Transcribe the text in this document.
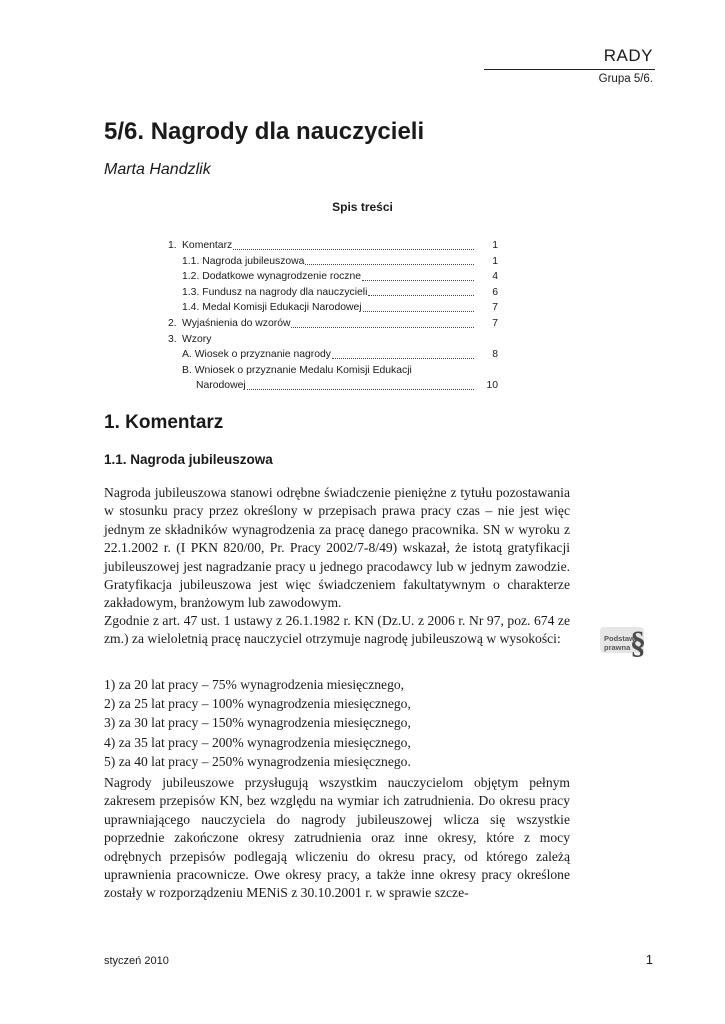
RADY
Grupa 5/6.
5/6. Nagrody dla nauczycieli
Marta Handzlik
Spis treści
1. Komentarz	1
1.1. Nagroda jubileuszowa	1
1.2. Dodatkowe wynagrodzenie roczne	4
1.3. Fundusz na nagrody dla nauczycieli	6
1.4. Medal Komisji Edukacji Narodowej	7
2. Wyjaśnienia do wzorów	7
3. Wzory
A. Wiosek o przyznanie nagrody	8
B. Wniosek o przyznanie Medalu Komisji Edukacji
Narodowej	10
1. Komentarz
1.1. Nagroda jubileuszowa

Nagroda jubileuszowa stanowi odrębne świadczenie pieniężne z tytułu pozostawania w stosunku pracy przez określony w przepisach prawa pracy czas – nie jest więc jednym ze składników wynagrodzenia za pracę danego pracownika. SN w wyroku z 22.1.2002 r. (I PKN 820/00, Pr. Pracy 2002/7-8/49) wskazał, że istotą gratyfikacji jubileuszowej jest nagradzanie pracy u jednego pracodawcy lub w jednym zawodzie. Gratyfikacja jubileuszowa jest więc świadczeniem fakultatywnym o charakterze zakładowym, branżowym lub zawodowym.

Zgodnie z art. 47 ust. 1 ustawy z 26.1.1982 r. KN (Dz.U. z 2006 r. Nr 97, poz. 674 ze zm.) za wieloletnią pracę nauczyciel otrzymuje nagrodę jubileuszową w wysokości:

1) za 20 lat pracy – 75% wynagrodzenia miesięcznego,
2) za 25 lat pracy – 100% wynagrodzenia miesięcznego,
3) za 30 lat pracy – 150% wynagrodzenia miesięcznego,
4) za 35 lat pracy – 200% wynagrodzenia miesięcznego,
5) za 40 lat pracy – 250% wynagrodzenia miesięcznego.
§
Podstawa
prawna

Nagrody jubileuszowe przysługują wszystkim nauczycielom objętym pełnym zakresem przepisów KN, bez względu na wymiar ich zatrudnienia. Do okresu pracy uprawniającego nauczyciela do nagrody jubileuszowej wlicza się wszystkie poprzednie zakończone okresy zatrudnienia oraz inne okresy, które z mocy odrębnych przepisów podlegają wliczeniu do okresu pracy, od którego zależą uprawnienia pracownicze. Owe okresy pracy, a także inne okresy pracy określone zostały w rozporządzeniu MENiS z 30.10.2001 r. w sprawie szcze-

styczeń 2010	1
